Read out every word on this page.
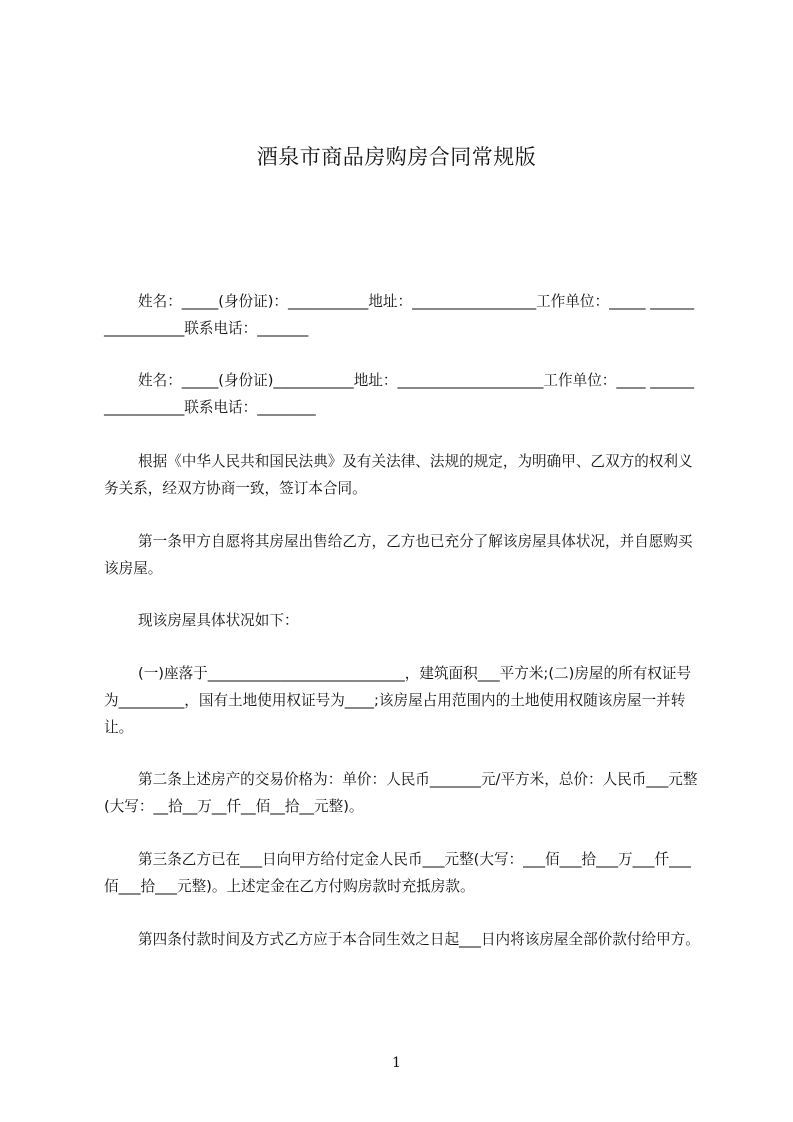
酒泉市商品房购房合同常规版

姓名：_____(身份证)：___________地址：_________________工作单位：_____ _________________联系电话：_______

姓名：_____(身份证)___________地址：____________________工作单位：____ _________________联系电话：________

根据《中华人民共和国民法典》及有关法律、法规的规定，为明确甲、乙双方的权利义务关系，经双方协商一致，签订本合同。

第一条甲方自愿将其房屋出售给乙方，乙方也已充分了解该房屋具体状况，并自愿购买该房屋。

现该房屋具体状况如下：

(一)座落于___________________________，建筑面积___平方米;(二)房屋的所有权证号为_________，国有土地使用权证号为____;该房屋占用范围内的土地使用权随该房屋一并转让。

第二条上述房产的交易价格为：单价：人民币_______元/平方米，总价：人民币___元整(大写：__拾__万__仟__佰__拾__元整)。

第三条乙方已在___日向甲方给付定金人民币___元整(大写：___佰___拾___万___仟___佰___拾___元整)。上述定金在乙方付购房款时充抵房款。

第四条付款时间及方式乙方应于本合同生效之日起___日内将该房屋全部价款付给甲方。

1
